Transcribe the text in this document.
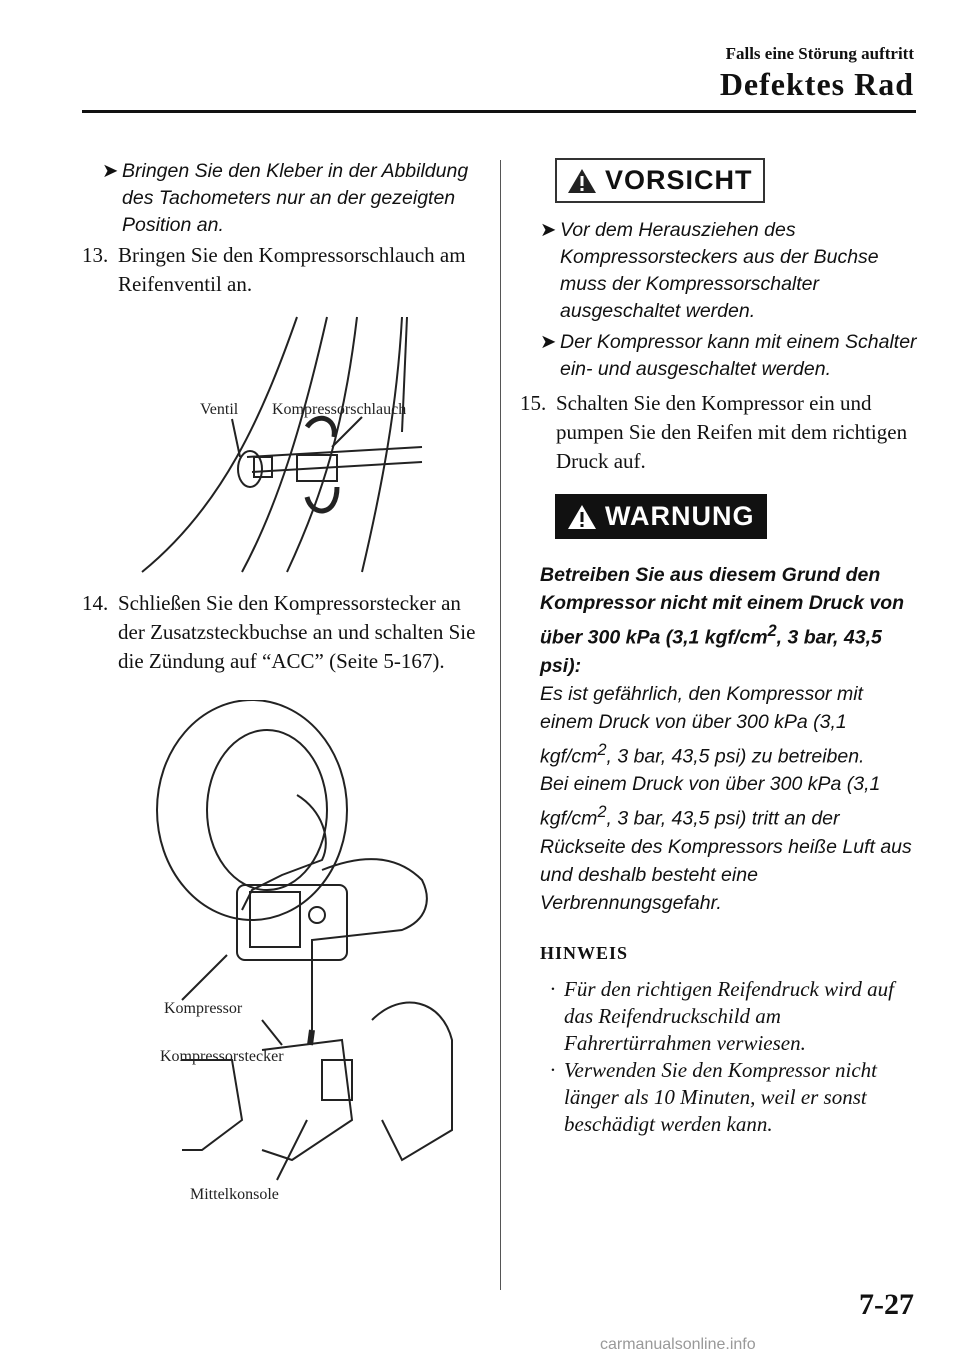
Falls eine Störung auftritt
Defektes Rad
➤ Bringen Sie den Kleber in der Abbildung des Tachometers nur an der gezeigten Position an.
13. Bringen Sie den Kompressorschlauch am Reifenventil an.
Ventil Kompressorschlauch
14. Schließen Sie den Kompressorstecker an der Zusatzsteckbuchse an und schalten Sie die Zündung auf “ACC” (Seite 5-167).
Kompressor
Kompressorstecker
Mittelkonsole
VORSICHT
➤ Vor dem Herausziehen des Kompressorsteckers aus der Buchse muss der Kompressorschalter ausgeschaltet werden.
➤ Der Kompressor kann mit einem Schalter ein- und ausgeschaltet werden.
15. Schalten Sie den Kompressor ein und pumpen Sie den Reifen mit dem richtigen Druck auf.
WARNUNG
Betreiben Sie aus diesem Grund den Kompressor nicht mit einem Druck von über 300 kPa (3,1 kgf/$cm^2$, 3 bar, 43,5 psi):
Es ist gefährlich, den Kompressor mit einem Druck von über 300 kPa (3,1 kgf/$cm^2$, 3 bar, 43,5 psi) zu betreiben.
Bei einem Druck von über 300 kPa (3,1 kgf/$cm^2$, 3 bar, 43,5 psi) tritt an der Rückseite des Kompressors heiße Luft aus und deshalb besteht eine Verbrennungsgefahr.
HINWEIS
· Für den richtigen Reifendruck wird auf das Reifendruckschild am Fahrertürrahmen verwiesen.
· Verwenden Sie den Kompressor nicht länger als 10 Minuten, weil er sonst beschädigt werden kann.
7-27
carmanualsonline.info
